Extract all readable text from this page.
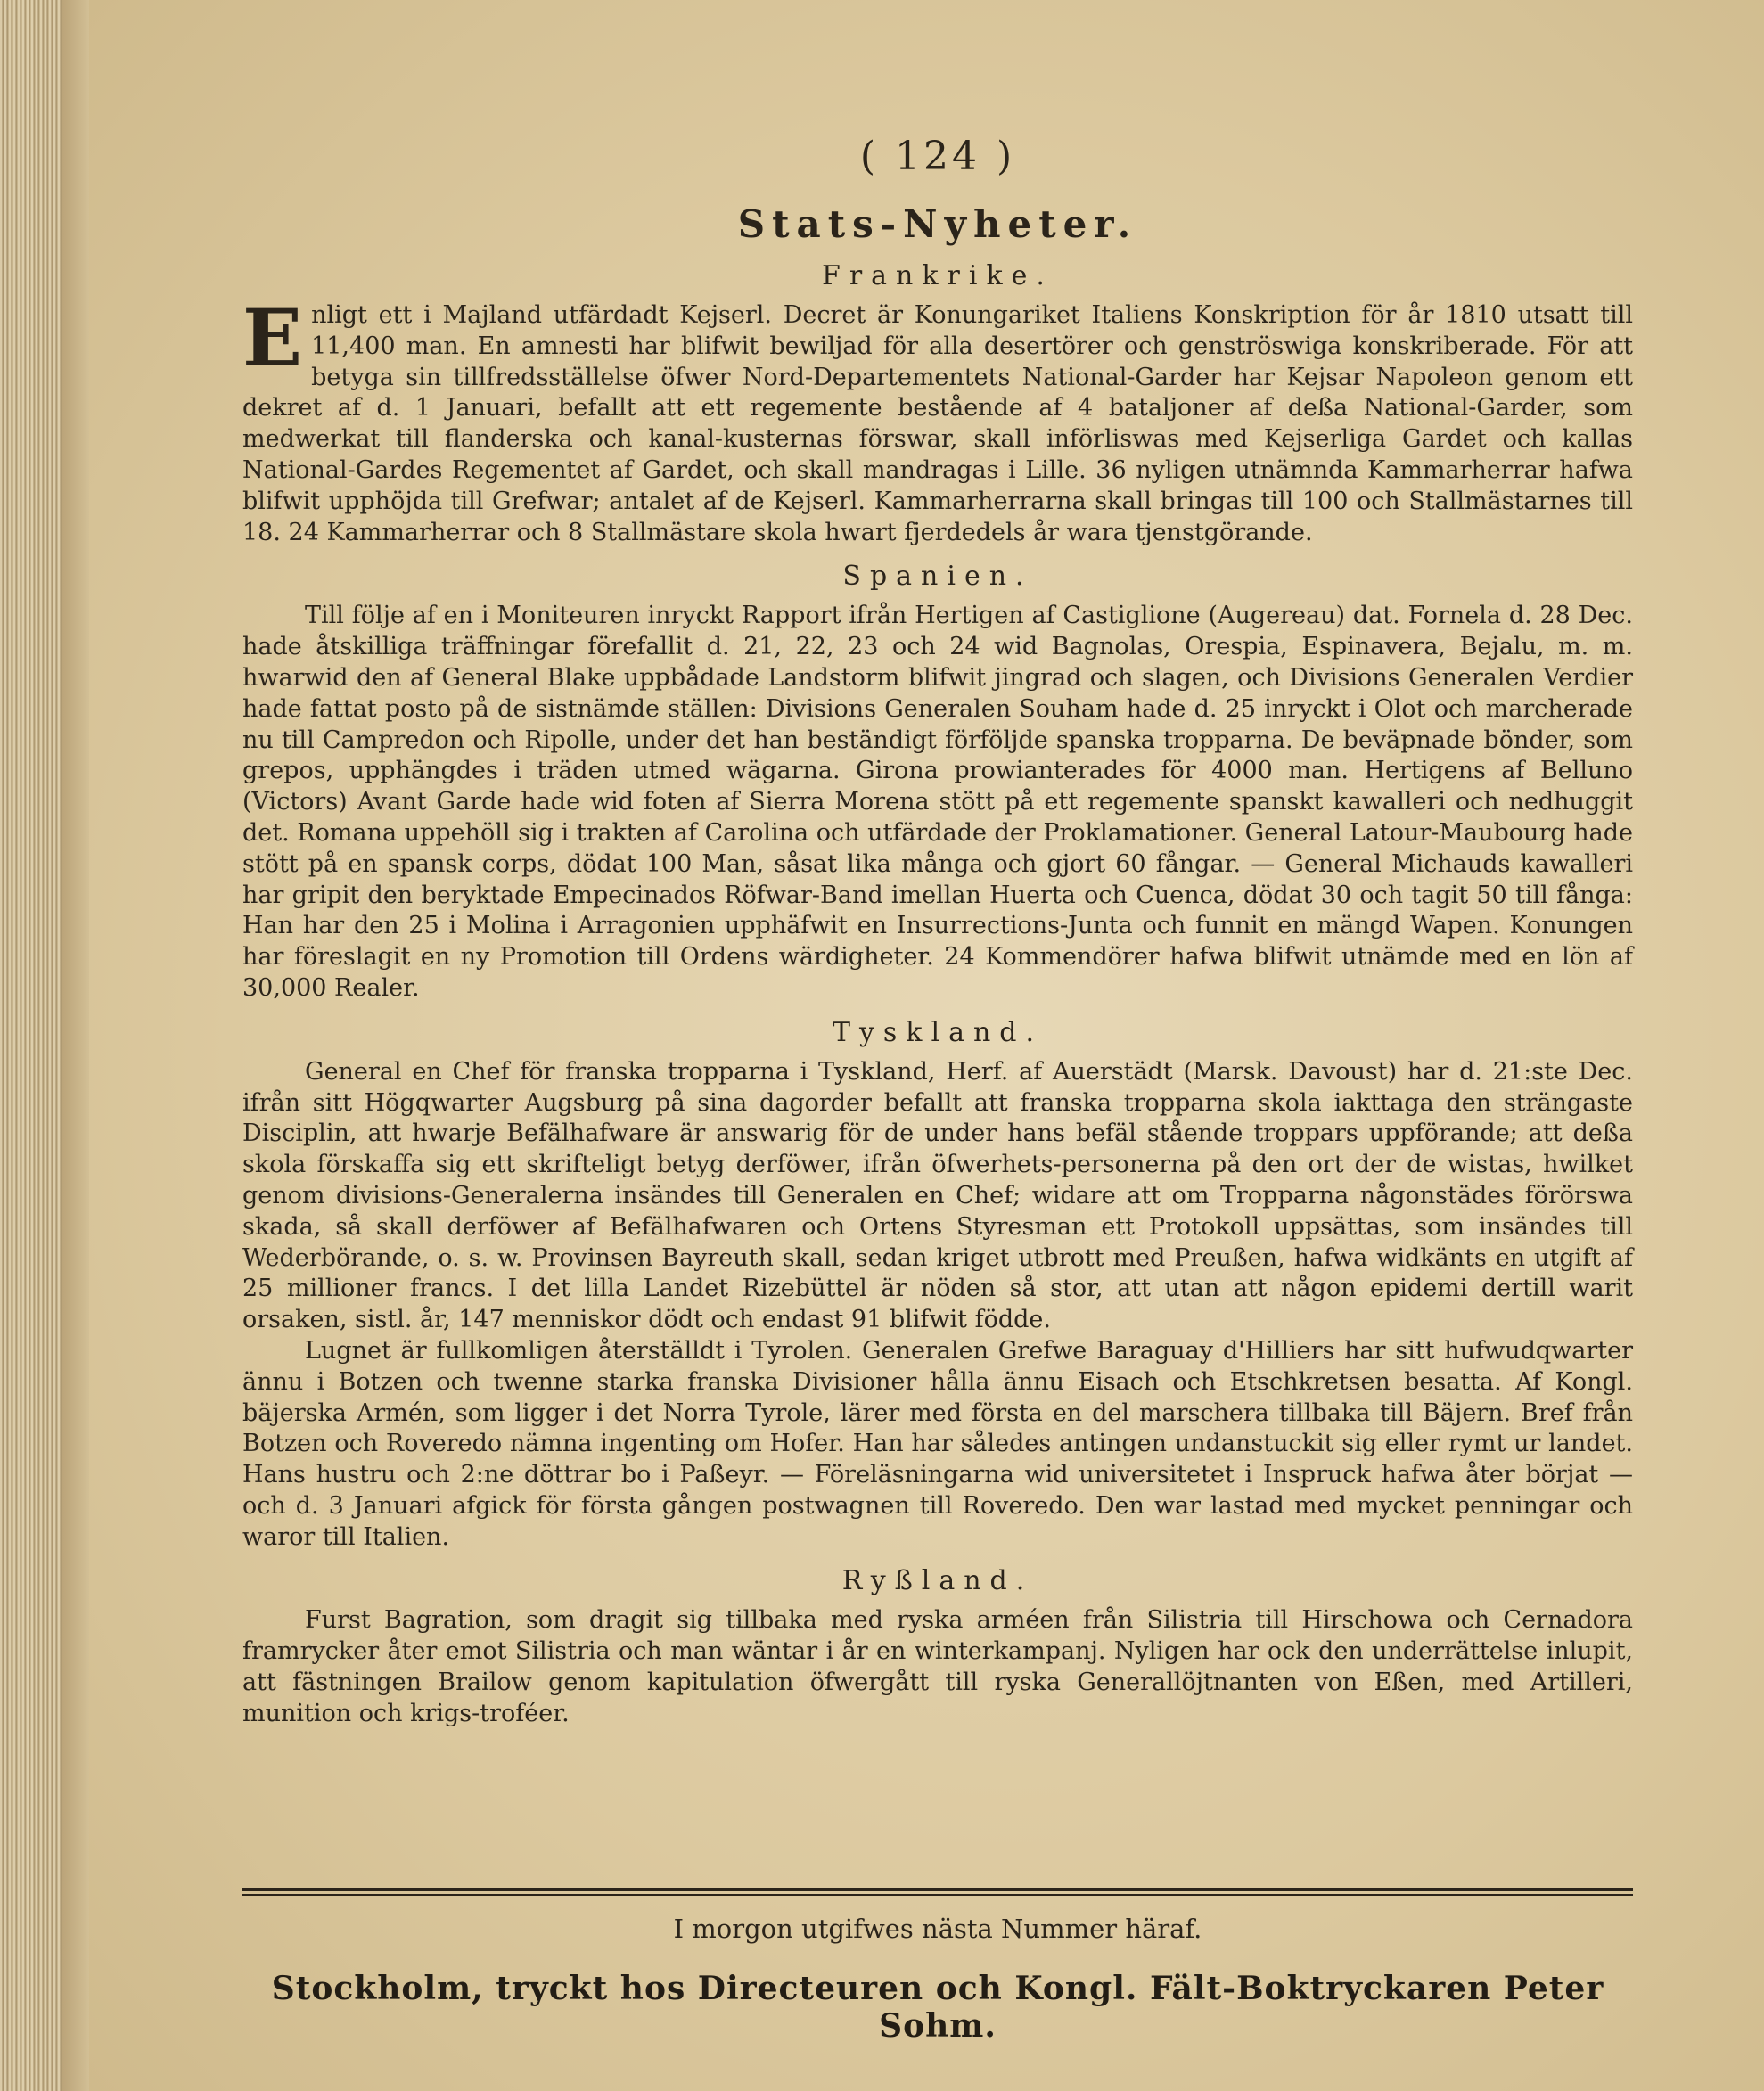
( 124 )
Stats-Nyheter.
Frankrike.

Enligt ett i Majland utfärdadt Kejserl. Decret är Konungariket Italiens Konskription för år 1810 utsatt till 11,400 man. En amnesti har blifwit bewiljad för alla desertörer och genströswiga konskriberade. För att betyga sin tillfredsställelse öfwer Nord-Departementets National-Garder har Kejsar Napoleon genom ett dekret af d. 1 Januari, befallt att ett regemente bestående af 4 bataljoner af deßa National-Garder, som medwerkat till flanderska och kanal-kusternas förswar, skall införliswas med Kejserliga Gardet och kallas National-Gardes Regementet af Gardet, och skall mandragas i Lille. 36 nyligen utnämnda Kammarherrar hafwa blifwit upphöjda till Grefwar; antalet af de Kejserl. Kammarherrarna skall bringas till 100 och Stallmästarnes till 18. 24 Kammarherrar och 8 Stallmästare skola hwart fjerdedels år wara tjenstgörande.

Spanien.

Till följe af en i Moniteuren inryckt Rapport ifrån Hertigen af Castiglione (Augereau) dat. Fornela d. 28 Dec. hade åtskilliga träffningar förefallit d. 21, 22, 23 och 24 wid Bagnolas, Orespia, Espinavera, Bejalu, m. m. hwarwid den af General Blake uppbådade Landstorm blifwit jingrad och slagen, och Divisions Generalen Verdier hade fattat posto på de sistnämde ställen: Divisions Generalen Souham hade d. 25 inryckt i Olot och marcherade nu till Campredon och Ripolle, under det han beständigt förföljde spanska tropparna. De beväpnade bönder, som grepos, upphängdes i träden utmed wägarna. Girona prowianterades för 4000 man. Hertigens af Belluno (Victors) Avant Garde hade wid foten af Sierra Morena stött på ett regemente spanskt kawalleri och nedhuggit det. Romana uppehöll sig i trakten af Carolina och utfärdade der Proklamationer. General Latour-Maubourg hade stött på en spansk corps, dödat 100 Man, såsat lika många och gjort 60 fångar. — General Michauds kawalleri har gripit den beryktade Empecinados Röfwar-Band imellan Huerta och Cuenca, dödat 30 och tagit 50 till fånga: Han har den 25 i Molina i Arragonien upphäfwit en Insurrections-Junta och funnit en mängd Wapen. Konungen har föreslagit en ny Promotion till Ordens wärdigheter. 24 Kommendörer hafwa blifwit utnämde med en lön af 30,000 Realer.

Tyskland.

General en Chef för franska tropparna i Tyskland, Herf. af Auerstädt (Marsk. Davoust) har d. 21:ste Dec. ifrån sitt Högqwarter Augsburg på sina dagorder befallt att franska tropparna skola iakttaga den strängaste Disciplin, att hwarje Befälhafware är answarig för de under hans befäl stående troppars uppförande; att deßa skola förskaffa sig ett skrifteligt betyg derföwer, ifrån öfwerhets-personerna på den ort der de wistas, hwilket genom divisions-Generalerna insändes till Generalen en Chef; widare att om Tropparna någonstädes förörswa skada, så skall derföwer af Befälhafwaren och Ortens Styresman ett Protokoll uppsättas, som insändes till Wederbörande, o. s. w. Provinsen Bayreuth skall, sedan kriget utbrott med Preußen, hafwa widkänts en utgift af 25 millioner francs. I det lilla Landet Rizebüttel är nöden så stor, att utan att någon epidemi dertill warit orsaken, sistl. år, 147 menniskor dödt och endast 91 blifwit födde.

Lugnet är fullkomligen återställdt i Tyrolen. Generalen Grefwe Baraguay d'Hilliers har sitt hufwudqwarter ännu i Botzen och twenne starka franska Divisioner hålla ännu Eisach och Etschkretsen besatta. Af Kongl. bäjerska Armén, som ligger i det Norra Tyrole, lärer med första en del marschera tillbaka till Bäjern. Bref från Botzen och Roveredo nämna ingenting om Hofer. Han har således antingen undanstuckit sig eller rymt ur landet. Hans hustru och 2:ne döttrar bo i Paßeyr. — Föreläsningarna wid universitetet i Inspruck hafwa åter börjat — och d. 3 Januari afgick för första gången postwagnen till Roveredo. Den war lastad med mycket penningar och waror till Italien.

Ryßland.

Furst Bagration, som dragit sig tillbaka med ryska arméen från Silistria till Hirschowa och Cernadora framrycker åter emot Silistria och man wäntar i år en winterkampanj. Nyligen har ock den underrättelse inlupit, att fästningen Brailow genom kapitulation öfwergått till ryska Generallöjtnanten von Eßen, med Artilleri, munition och krigs-troféer.

I morgon utgifwes nästa Nummer häraf.
Stockholm, tryckt hos Directeuren och Kongl. Fält-Boktryckaren Peter Sohm.
